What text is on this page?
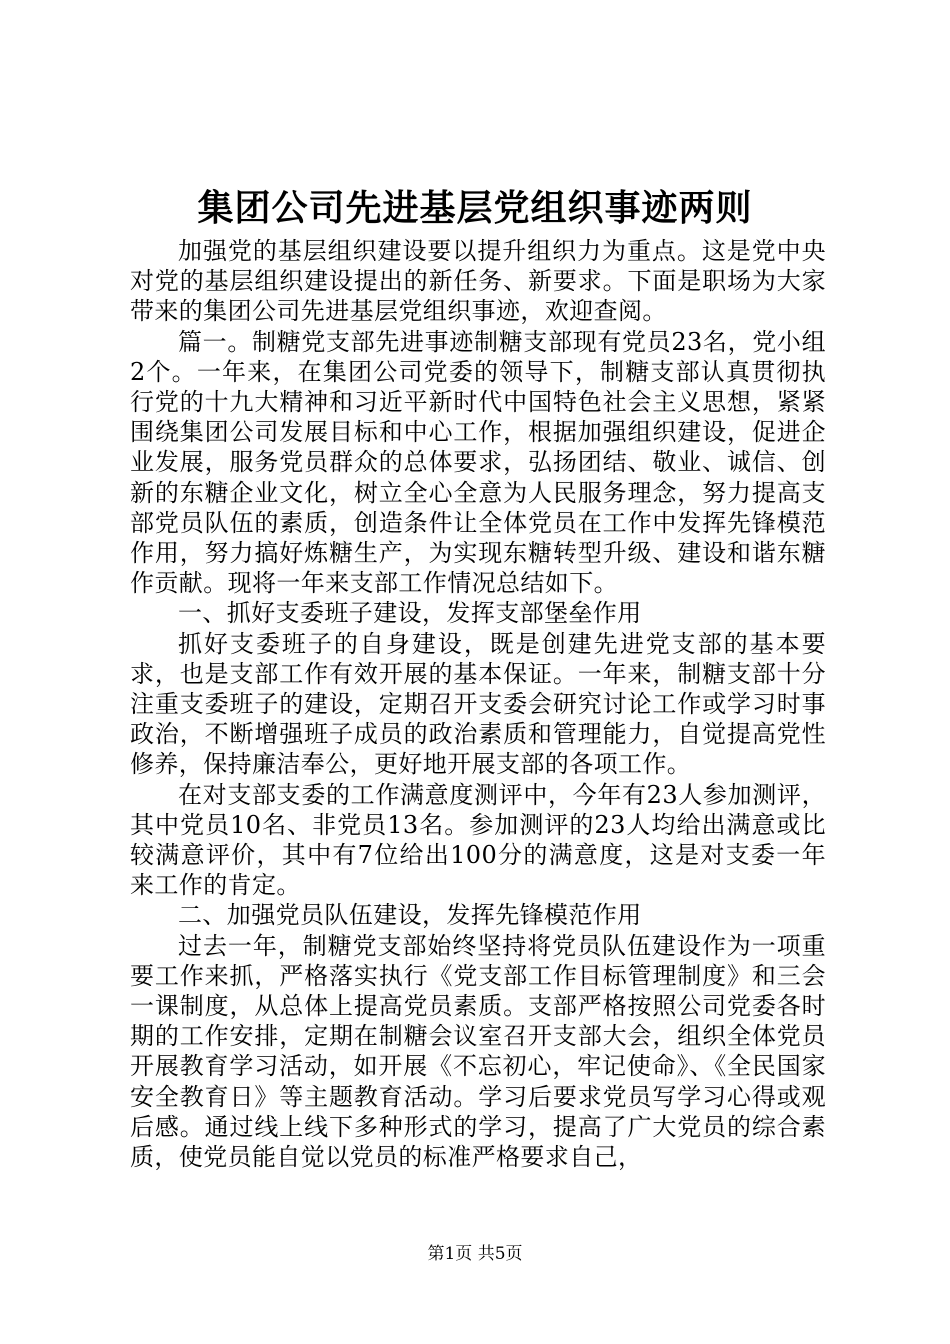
集团公司先进基层党组织事迹两则

加强党的基层组织建设要以提升组织力为重点。这是党中央对党的基层组织建设提出的新任务、新要求。下面是职场为大家带来的集团公司先进基层党组织事迹，欢迎查阅。

篇一。制糖党支部先进事迹制糖支部现有党员23名，党小组2个。一年来，在集团公司党委的领导下，制糖支部认真贯彻执行党的十九大精神和习近平新时代中国特色社会主义思想，紧紧围绕集团公司发展目标和中心工作，根据加强组织建设，促进企业发展，服务党员群众的总体要求，弘扬团结、敬业、诚信、创新的东糖企业文化，树立全心全意为人民服务理念，努力提高支部党员队伍的素质，创造条件让全体党员在工作中发挥先锋模范作用，努力搞好炼糖生产，为实现东糖转型升级、建设和谐东糖作贡献。现将一年来支部工作情况总结如下。

一、抓好支委班子建设，发挥支部堡垒作用

抓好支委班子的自身建设，既是创建先进党支部的基本要求，也是支部工作有效开展的基本保证。一年来，制糖支部十分注重支委班子的建设，定期召开支委会研究讨论工作或学习时事政治，不断增强班子成员的政治素质和管理能力，自觉提高党性修养，保持廉洁奉公，更好地开展支部的各项工作。

在对支部支委的工作满意度测评中，今年有23人参加测评，其中党员10名、非党员13名。参加测评的23人均给出满意或比较满意评价，其中有7位给出100分的满意度，这是对支委一年来工作的肯定。

二、加强党员队伍建设，发挥先锋模范作用

过去一年，制糖党支部始终坚持将党员队伍建设作为一项重要工作来抓，严格落实执行《党支部工作目标管理制度》和三会一课制度，从总体上提高党员素质。支部严格按照公司党委各时期的工作安排，定期在制糖会议室召开支部大会，组织全体党员开展教育学习活动，如开展《不忘初心，牢记使命》、《全民国家安全教育日》等主题教育活动。学习后要求党员写学习心得或观后感。通过线上线下多种形式的学习，提高了广大党员的综合素质，使党员能自觉以党员的标准严格要求自己，

第1页 共5页
